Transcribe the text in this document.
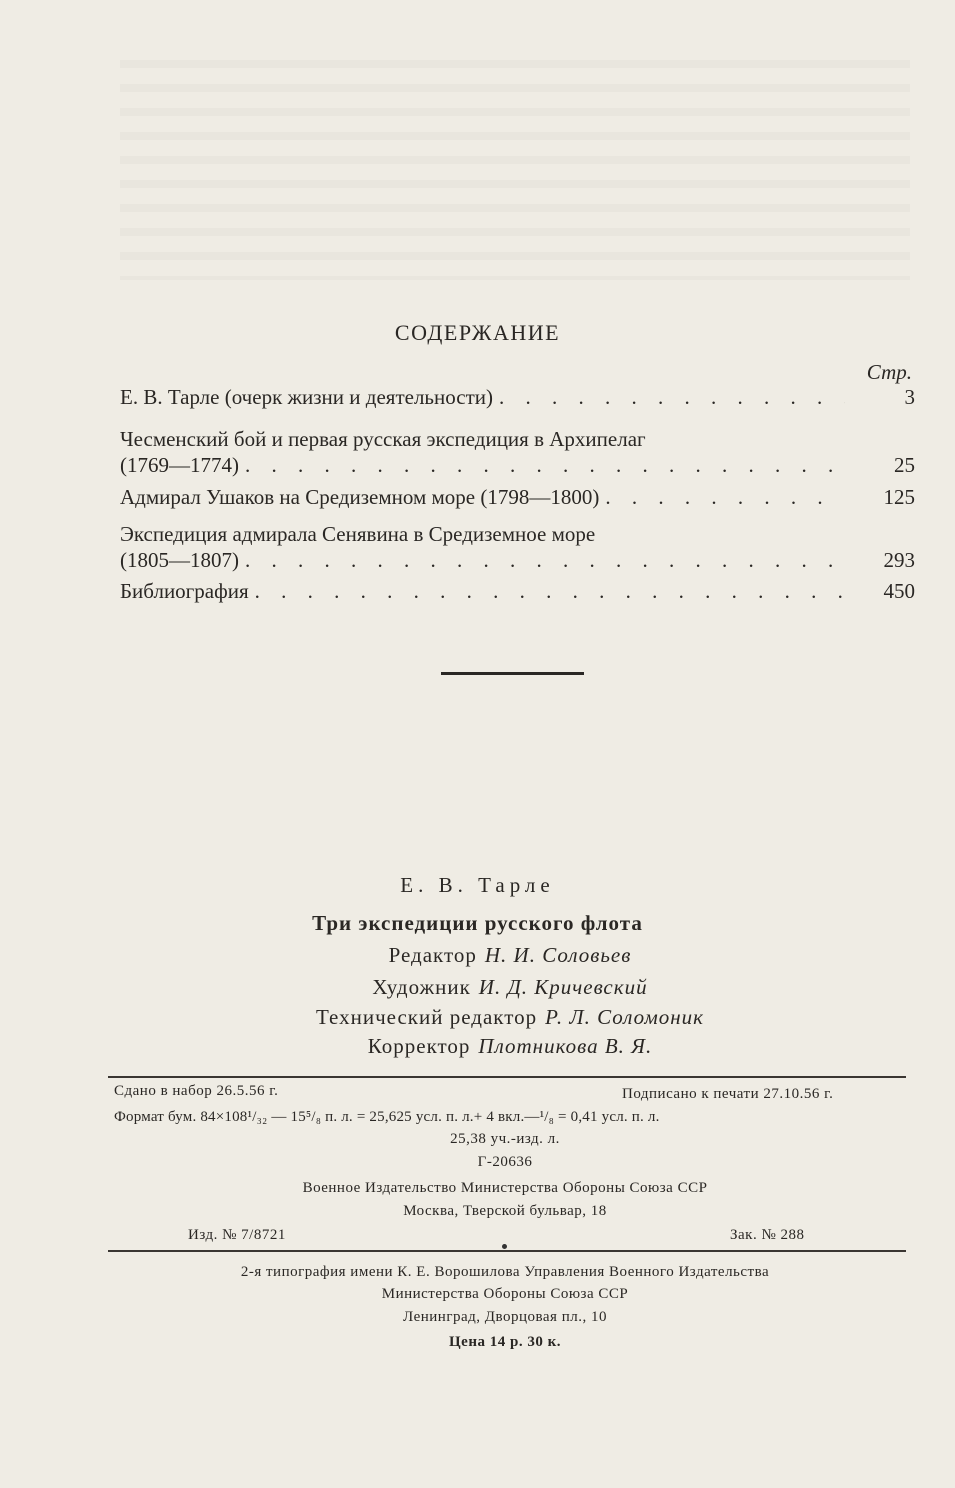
СОДЕРЖАНИЕ
Стр.
Е. В. Тарле (очерк жизни и деятельности) . . .	3
Чесменский бой и первая русская экспедиция в Архипелаг
(1769—1774) . . .	25
Адмирал Ушаков на Средиземном море (1798—1800) . . .	125
Экспедиция адмирала Сенявина в Средиземное море
(1805—1807) . . .	293
Библиография . . .	450
Е. В. Тарле
Три экспедиции русского флота
Редактор Н. И. Соловьев
Художник И. Д. Кричевский
Технический редактор Р. Л. Соломоник
Корректор Плотникова В. Я.
Сдано в набор 26.5.56 г.	Подписано к печати 27.10.56 г.
Формат бум. 84×108¹/₃₂ — 15⁵/₈ п. л. = 25,625 усл. п. л.+ 4 вкл.—¹/₈ = 0,41 усл. п. л.
25,38 уч.-изд. л.
Г-20636
Военное Издательство Министерства Обороны Союза ССР
Москва, Тверской бульвар, 18
Изд. № 7/8721	Зак. № 288
2-я типография имени К. Е. Ворошилова Управления Военного Издательства
Министерства Обороны Союза ССР
Ленинград, Дворцовая пл., 10
Цена 14 р. 30 к.
